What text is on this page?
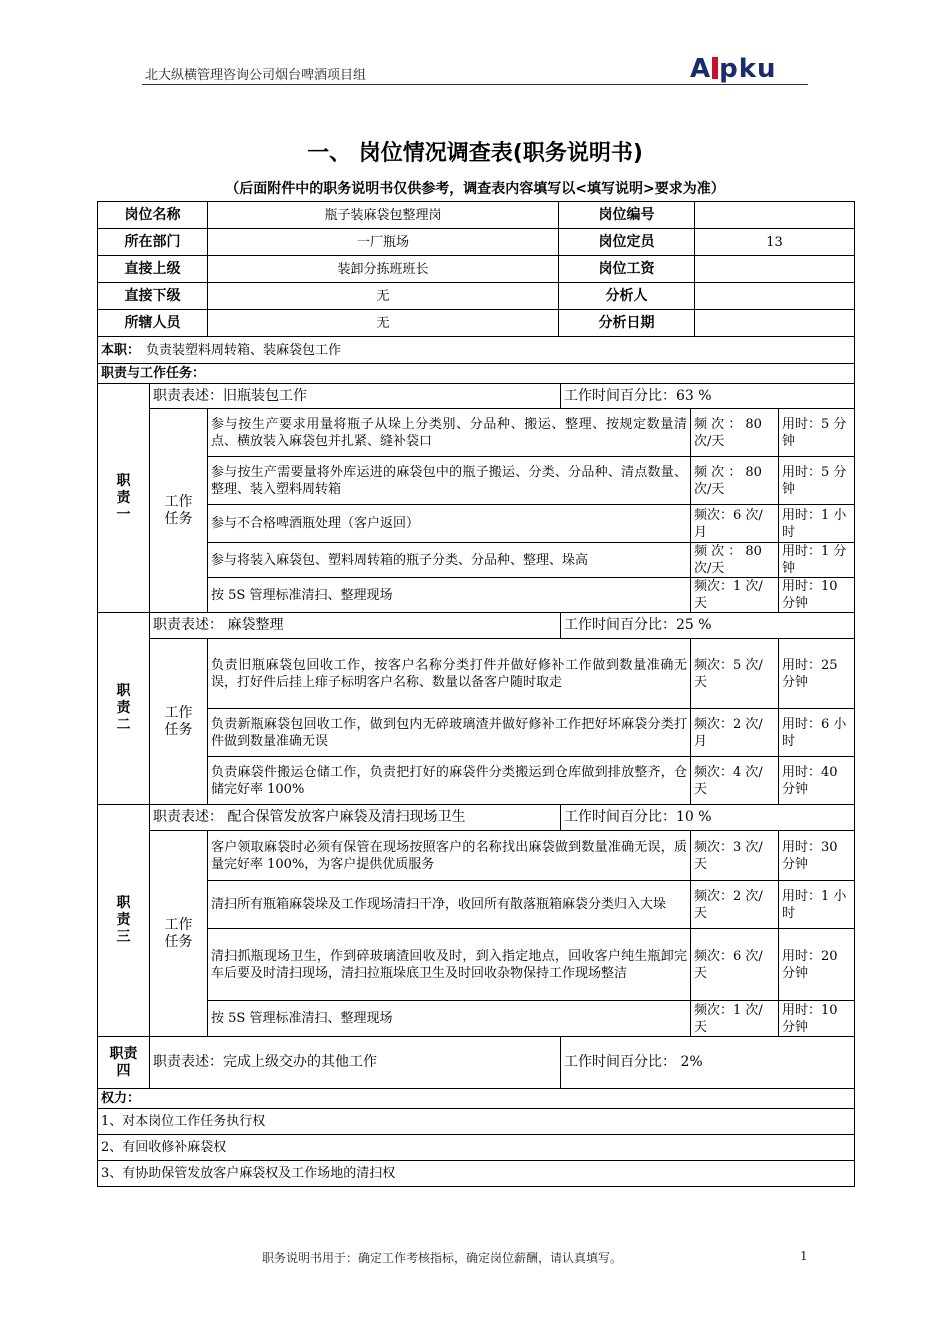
北大纵横管理咨询公司烟台啤酒项目组	A pku
一、 岗位情况调查表(职务说明书)
（后面附件中的职务说明书仅供参考，调查表内容填写以<填写说明>要求为准）
岗位名称		瓶子装麻袋包整理岗	岗位编号				
所在部门		一厂瓶场	岗位定员			13	
直接上级		装卸分拣班班长	岗位工资				
直接下级		无	分析人				
所辖人员		无	分析日期				
本职： 负责装塑料周转箱、装麻袋包工作							
职责与工作任务：							
职
责
一	职责表述：旧瓶装包工作			工作时间百分比：63 %			
	工作
任务	参与按生产要求用量将瓶子从垛上分类别、分品种、搬运、整理、按规定数量清点、横放装入麻袋包并扎紧、缝补袋口			频 次 ： 80 次/天		用时：5 分钟
		参与按生产需要量将外库运进的麻袋包中的瓶子搬运、分类、分品种、清点数量、整理、装入塑料周转箱			频 次 ： 80 次/天		用时：5 分钟
		参与不合格啤酒瓶处理（客户返回）			频次：6 次/月		用时：1 小时
		参与将装入麻袋包、塑料周转箱的瓶子分类、分品种、整理、垛高			频 次 ： 80 次/天		用时：1 分钟
		按 5S 管理标准清扫、整理现场			频次：1 次/天		用时：10 分钟
职
责
二	职责表述： 麻袋整理			工作时间百分比：25 %			
	工作
任务	负责旧瓶麻袋包回收工作，按客户名称分类打件并做好修补工作做到数量准确无误，打好件后挂上痱子标明客户名称、数量以备客户随时取走			频次：5 次/天		用时：25 分钟
		负责新瓶麻袋包回收工作，做到包内无碎玻璃渣并做好修补工作把好坏麻袋分类打件做到数量准确无误			频次：2 次/月		用时：6 小时
		负责麻袋件搬运仓储工作，负责把打好的麻袋件分类搬运到仓库做到排放整齐，仓储完好率 100%			频次：4 次/天		用时：40 分钟
职
责
三	职责表述： 配合保管发放客户麻袋及清扫现场卫生			工作时间百分比：10 %			
	工作
任务	客户领取麻袋时必须有保管在现场按照客户的名称找出麻袋做到数量准确无误，质量完好率 100%，为客户提供优质服务			频次：3 次/天		用时：30 分钟
		清扫所有瓶箱麻袋垛及工作现场清扫干净，收回所有散落瓶箱麻袋分类归入大垛			频次：2 次/天		用时：1 小时
		清扫抓瓶现场卫生，作到碎玻璃渣回收及时，到入指定地点，回收客户纯生瓶卸完车后要及时清扫现场，清扫拉瓶垛底卫生及时回收杂物保持工作现场整洁			频次：6 次/天		用时：20 分钟
		按 5S 管理标准清扫、整理现场			频次：1 次/天		用时：10 分钟
职责
四	职责表述：完成上级交办的其他工作			工作时间百分比： 2%			
权力：							
1、对本岗位工作任务执行权							
2、有回收修补麻袋权							
3、有协助保管发放客户麻袋权及工作场地的清扫权							
职务说明书用于：确定工作考核指标，确定岗位薪酬，请认真填写。	1
